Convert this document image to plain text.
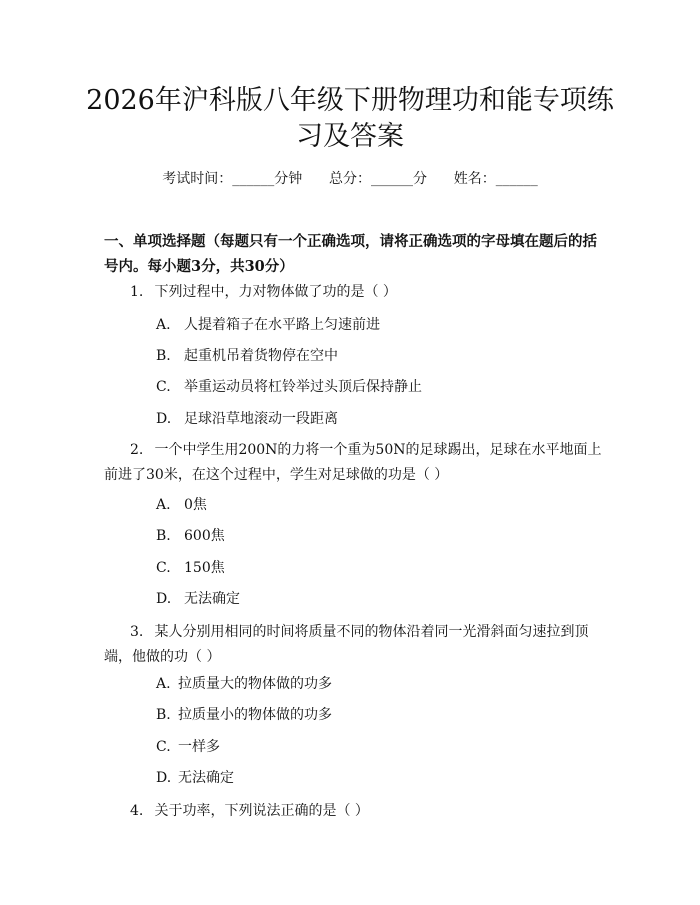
2026年沪科版八年级下册物理功和能专项练
习及答案
考试时间：______分钟      总分：______分      姓名：______
一、单项选择题（每题只有一个正确选项，请将正确选项的字母填在题后的括号内。每小题3分，共30分）
1. 下列过程中，力对物体做了功的是（ ）
A. 人提着箱子在水平路上匀速前进
B. 起重机吊着货物停在空中
C. 举重运动员将杠铃举过头顶后保持静止
D. 足球沿草地滚动一段距离
2. 一个中学生用200N的力将一个重为50N的足球踢出，足球在水平地面上前进了30米，在这个过程中，学生对足球做的功是（ ）
A. 0焦
B. 600焦
C. 150焦
D. 无法确定
3. 某人分别用相同的时间将质量不同的物体沿着同一光滑斜面匀速拉到顶端，他做的功（ ）
A. 拉质量大的物体做的功多
B. 拉质量小的物体做的功多
C. 一样多
D. 无法确定
4. 关于功率，下列说法正确的是（ ）
